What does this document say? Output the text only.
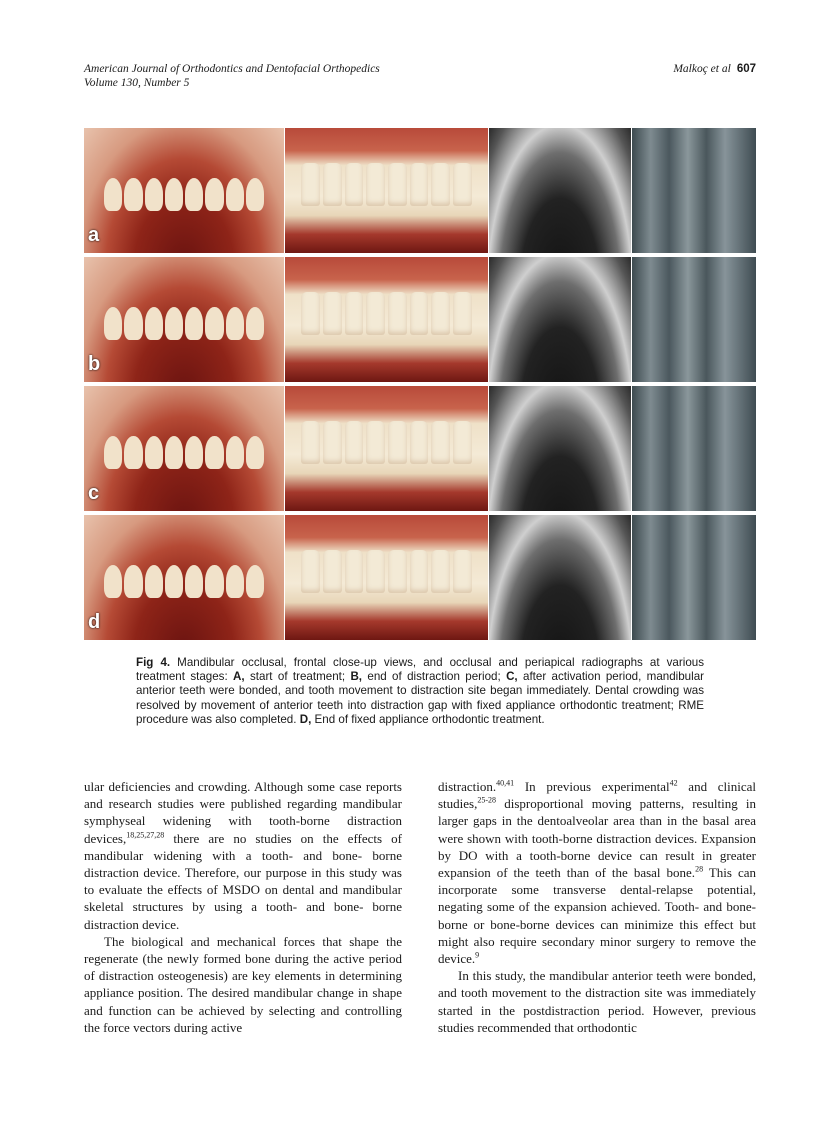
American Journal of Orthodontics and Dentofacial Orthopedics
Volume 130, Number 5
Malkoç et al 607
a
b
c
d
Fig 4. Mandibular occlusal, frontal close-up views, and occlusal and periapical radiographs at various treatment stages: A, start of treatment; B, end of distraction period; C, after activation period, mandibular anterior teeth were bonded, and tooth movement to distraction site began immediately. Dental crowding was resolved by movement of anterior teeth into distraction gap with fixed appliance orthodontic treatment; RME procedure was also completed. D, End of fixed appliance orthodontic treatment.

ular deficiencies and crowding. Although some case reports and research studies were published regarding mandibular symphyseal widening with tooth-borne distraction devices,$^{18,25,27,28}$ there are no studies on the effects of mandibular widening with a tooth- and bone- borne distraction device. Therefore, our purpose in this study was to evaluate the effects of MSDO on dental and mandibular skeletal structures by using a tooth- and bone- borne distraction device.

The biological and mechanical forces that shape the regenerate (the newly formed bone during the active period of distraction osteogenesis) are key elements in determining appliance position. The desired mandibular change in shape and function can be achieved by selecting and controlling the force vectors during active

distraction.$^{40,41}$ In previous experimental$^{42}$ and clinical studies,$^{25-28}$ disproportional moving patterns, resulting in larger gaps in the dentoalveolar area than in the basal area were shown with tooth-borne distraction devices. Expansion by DO with a tooth-borne device can result in greater expansion of the teeth than of the basal bone.$^{28}$ This can incorporate some transverse dental-relapse potential, negating some of the expansion achieved. Tooth- and bone- borne or bone-borne devices can minimize this effect but might also require secondary minor surgery to remove the device.$^9$

In this study, the mandibular anterior teeth were bonded, and tooth movement to the distraction site was immediately started in the postdistraction period. However, previous studies recommended that orthodontic
